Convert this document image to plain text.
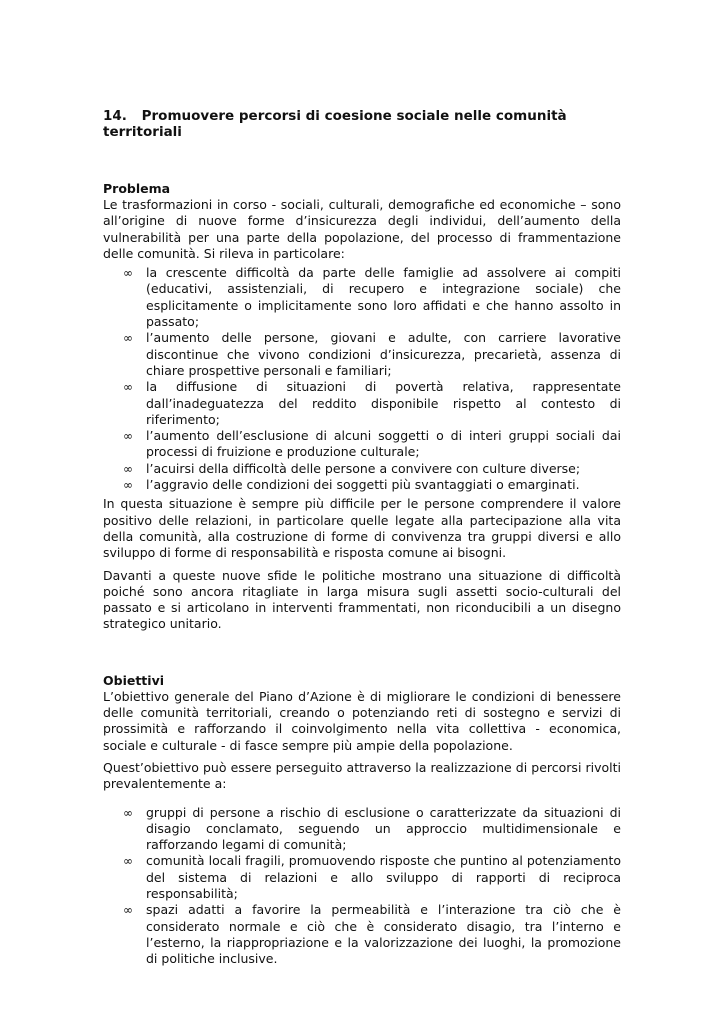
14. Promuovere percorsi di coesione sociale nelle comunità territoriali
Problema

Le trasformazioni in corso - sociali, culturali, demografiche ed economiche – sono all’origine di nuove forme d’insicurezza degli individui, dell’aumento della vulnerabilità per una parte della popolazione, del processo di frammentazione delle comunità. Si rileva in particolare:

∞ la crescente difficoltà da parte delle famiglie ad assolvere ai compiti (educativi, assistenziali, di recupero e integrazione sociale) che esplicitamente o implicitamente sono loro affidati e che hanno assolto in passato;
∞ l’aumento delle persone, giovani e adulte, con carriere lavorative discontinue che vivono condizioni d’insicurezza, precarietà, assenza di chiare prospettive personali e familiari;
∞ la diffusione di situazioni di povertà relativa, rappresentate dall’inadeguatezza del reddito disponibile rispetto al contesto di riferimento;
∞ l’aumento dell’esclusione di alcuni soggetti o di interi gruppi sociali dai processi di fruizione e produzione culturale;
∞ l’acuirsi della difficoltà delle persone a convivere con culture diverse;
∞ l’aggravio delle condizioni dei soggetti più svantaggiati o emarginati.

In questa situazione è sempre più difficile per le persone comprendere il valore positivo delle relazioni, in particolare quelle legate alla partecipazione alla vita della comunità, alla costruzione di forme di convivenza tra gruppi diversi e allo sviluppo di forme di responsabilità e risposta comune ai bisogni.

Davanti a queste nuove sfide le politiche mostrano una situazione di difficoltà poiché sono ancora ritagliate in larga misura sugli assetti socio-culturali del passato e si articolano in interventi frammentati, non riconducibili a un disegno strategico unitario.

Obiettivi

L’obiettivo generale del Piano d’Azione è di migliorare le condizioni di benessere delle comunità territoriali, creando o potenziando reti di sostegno e servizi di prossimità e rafforzando il coinvolgimento nella vita collettiva - economica, sociale e culturale - di fasce sempre più ampie della popolazione.

Quest’obiettivo può essere perseguito attraverso la realizzazione di percorsi rivolti prevalentemente a:

∞ gruppi di persone a rischio di esclusione o caratterizzate da situazioni di disagio conclamato, seguendo un approccio multidimensionale e rafforzando legami di comunità;
∞ comunità locali fragili, promuovendo risposte che puntino al potenziamento del sistema di relazioni e allo sviluppo di rapporti di reciproca responsabilità;
∞ spazi adatti a favorire la permeabilità e l’interazione tra ciò che è considerato normale e ciò che è considerato disagio, tra l’interno e l’esterno, la riappropriazione e la valorizzazione dei luoghi, la promozione di politiche inclusive.
